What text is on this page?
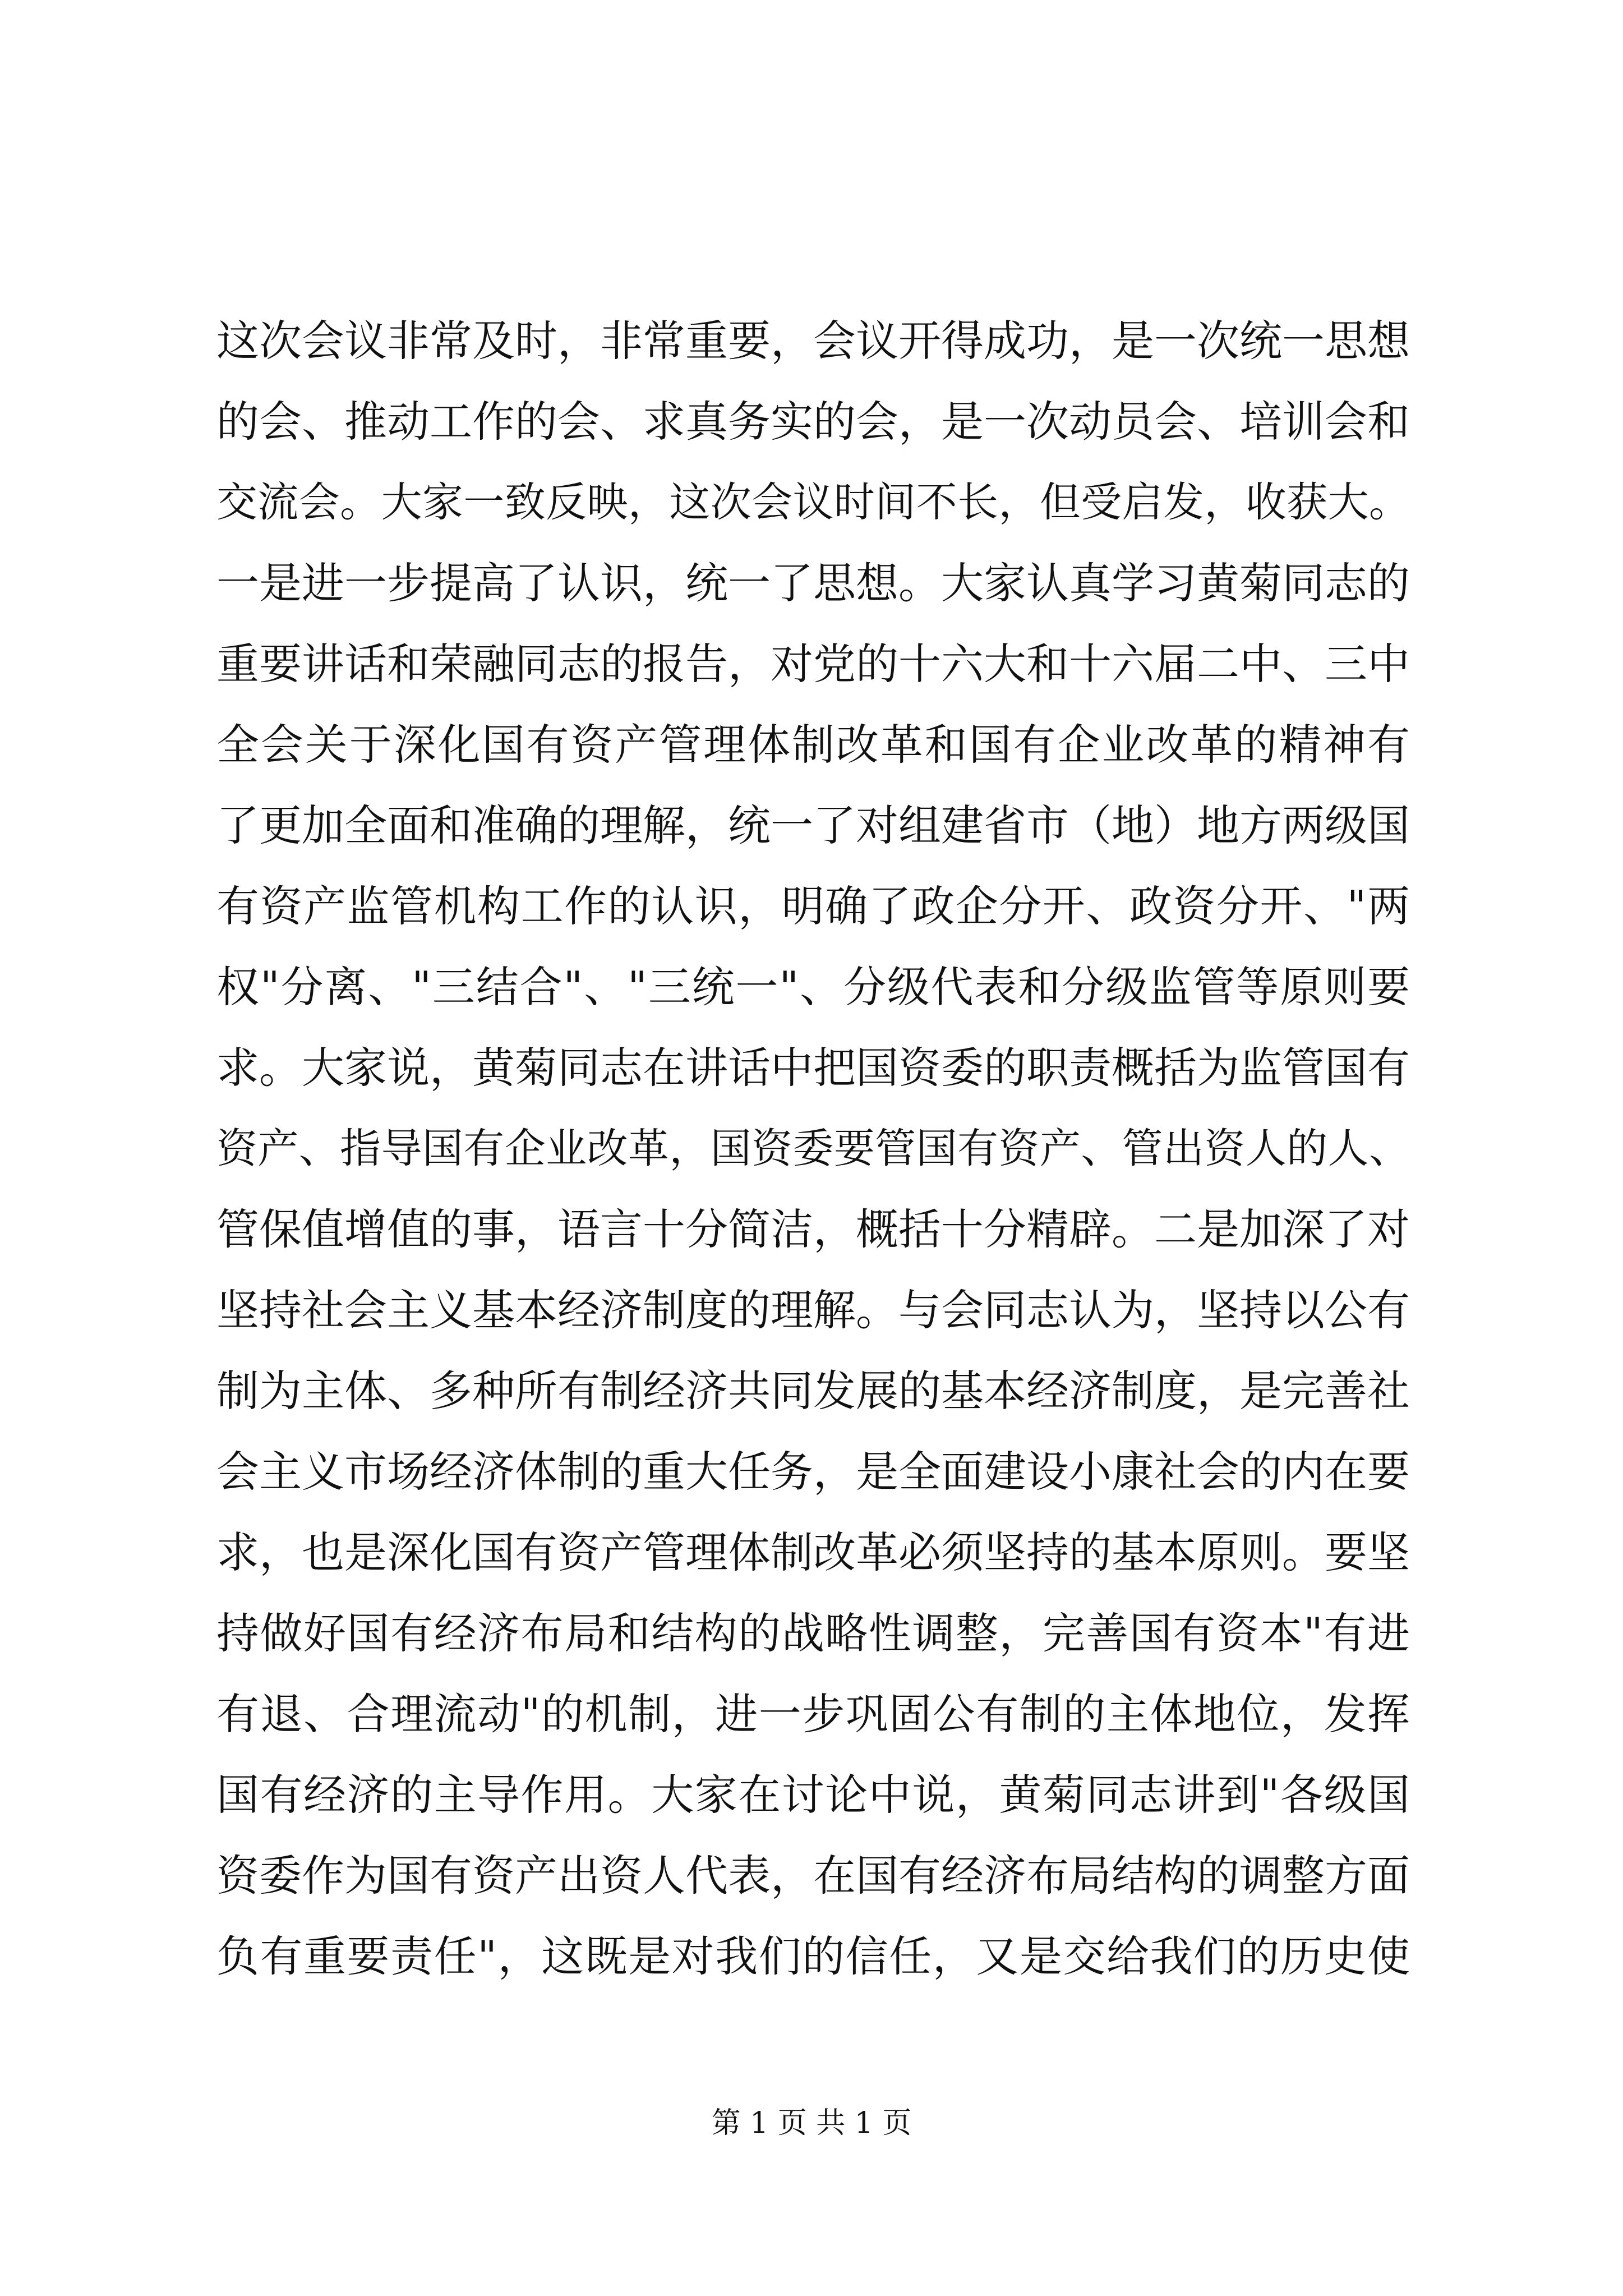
这次会议非常及时，非常重要，会议开得成功，是一次统一思想
的会、推动工作的会、求真务实的会，是一次动员会、培训会和
交流会。大家一致反映，这次会议时间不长，但受启发，收获大。
一是进一步提高了认识，统一了思想。大家认真学习黄菊同志的
重要讲话和荣融同志的报告，对党的十六大和十六届二中、三中
全会关于深化国有资产管理体制改革和国有企业改革的精神有
了更加全面和准确的理解，统一了对组建省市（地）地方两级国
有资产监管机构工作的认识，明确了政企分开、政资分开、"两
权"分离、"三结合"、"三统一"、分级代表和分级监管等原则要
求。大家说，黄菊同志在讲话中把国资委的职责概括为监管国有
资产、指导国有企业改革，国资委要管国有资产、管出资人的人、
管保值增值的事，语言十分简洁，概括十分精辟。二是加深了对
坚持社会主义基本经济制度的理解。与会同志认为，坚持以公有
制为主体、多种所有制经济共同发展的基本经济制度，是完善社
会主义市场经济体制的重大任务，是全面建设小康社会的内在要
求，也是深化国有资产管理体制改革必须坚持的基本原则。要坚
持做好国有经济布局和结构的战略性调整，完善国有资本"有进
有退、合理流动"的机制，进一步巩固公有制的主体地位，发挥
国有经济的主导作用。大家在讨论中说，黄菊同志讲到"各级国
资委作为国有资产出资人代表，在国有经济布局结构的调整方面
负有重要责任"，这既是对我们的信任，又是交给我们的历史使
第 1 页 共 1 页
